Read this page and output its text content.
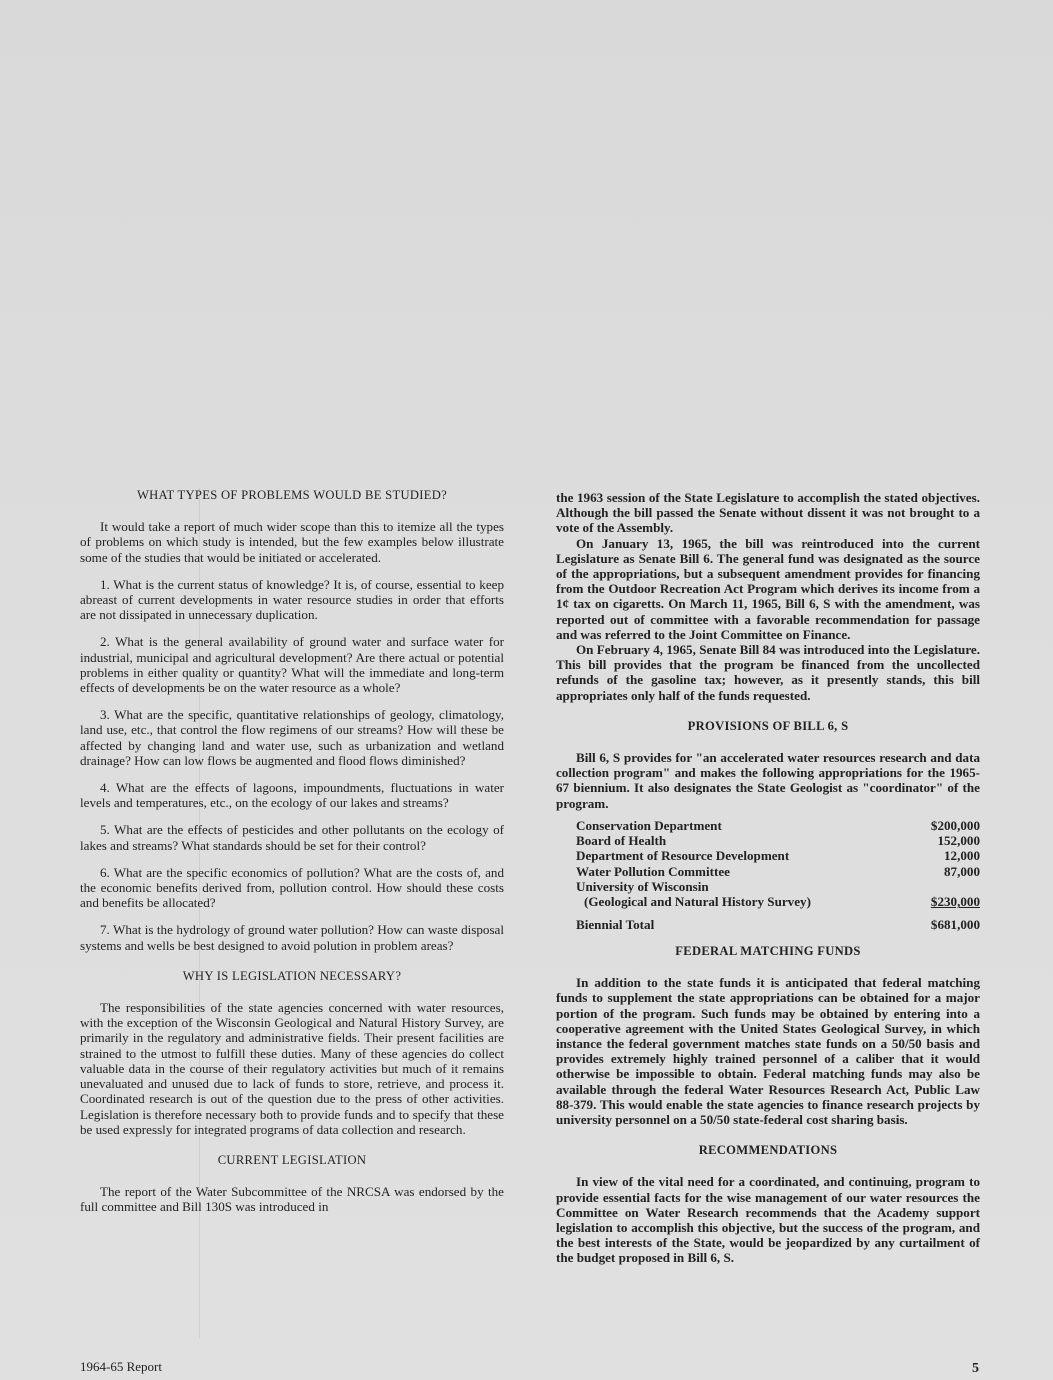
WHAT TYPES OF PROBLEMS WOULD BE STUDIED?

It would take a report of much wider scope than this to itemize all the types of problems on which study is intended, but the few examples below illustrate some of the studies that would be initiated or accelerated.

1. What is the current status of knowledge? It is, of course, essential to keep abreast of current developments in water resource studies in order that efforts are not dissipated in unnecessary duplication.

2. What is the general availability of ground water and surface water for industrial, municipal and agricultural development? Are there actual or potential problems in either quality or quantity? What will the immediate and long-term effects of developments be on the water resource as a whole?

3. What are the specific, quantitative relationships of geology, climatology, land use, etc., that control the flow regimens of our streams? How will these be affected by changing land and water use, such as urbanization and wetland drainage? How can low flows be augmented and flood flows diminished?

4. What are the effects of lagoons, impoundments, fluctuations in water levels and temperatures, etc., on the ecology of our lakes and streams?

5. What are the effects of pesticides and other pollutants on the ecology of lakes and streams? What standards should be set for their control?

6. What are the specific economics of pollution? What are the costs of, and the economic benefits derived from, pollution control. How should these costs and benefits be allocated?

7. What is the hydrology of ground water pollution? How can waste disposal systems and wells be best designed to avoid polution in problem areas?

WHY IS LEGISLATION NECESSARY?

The responsibilities of the state agencies concerned with water resources, with the exception of the Wisconsin Geological and Natural History Survey, are primarily in the regulatory and administrative fields. Their present facilities are strained to the utmost to fulfill these duties. Many of these agencies do collect valuable data in the course of their regulatory activities but much of it remains unevaluated and unused due to lack of funds to store, retrieve, and process it. Coordinated research is out of the question due to the press of other activities. Legislation is therefore necessary both to provide funds and to specify that these be used expressly for integrated programs of data collection and research.

CURRENT LEGISLATION

The report of the Water Subcommittee of the NRCSA was endorsed by the full committee and Bill 130S was introduced in

the 1963 session of the State Legislature to accomplish the stated objectives. Although the bill passed the Senate without dissent it was not brought to a vote of the Assembly.

On January 13, 1965, the bill was reintroduced into the current Legislature as Senate Bill 6. The general fund was designated as the source of the appropriations, but a subsequent amendment provides for financing from the Outdoor Recreation Act Program which derives its income from a 1¢ tax on cigaretts. On March 11, 1965, Bill 6, S with the amendment, was reported out of committee with a favorable recommendation for passage and was referred to the Joint Committee on Finance.

On February 4, 1965, Senate Bill 84 was introduced into the Legislature. This bill provides that the program be financed from the uncollected refunds of the gasoline tax; however, as it presently stands, this bill appropriates only half of the funds requested.

PROVISIONS OF BILL 6, S

Bill 6, S provides for "an accelerated water resources research and data collection program" and makes the following appropriations for the 1965-67 biennium. It also designates the State Geologist as "coordinator" of the program.

Conservation Department	$200,000
Board of Health	152,000
Department of Resource Development	12,000
Water Pollution Committee	87,000
University of Wisconsin
(Geological and Natural History Survey)	$230,000
Biennial Total	$681,000
FEDERAL MATCHING FUNDS

In addition to the state funds it is anticipated that federal matching funds to supplement the state appropriations can be obtained for a major portion of the program. Such funds may be obtained by entering into a cooperative agreement with the United States Geological Survey, in which instance the federal government matches state funds on a 50/50 basis and provides extremely highly trained personnel of a caliber that it would otherwise be impossible to obtain. Federal matching funds may also be available through the federal Water Resources Research Act, Public Law 88-379. This would enable the state agencies to finance research projects by university personnel on a 50/50 state-federal cost sharing basis.

RECOMMENDATIONS

In view of the vital need for a coordinated, and continuing, program to provide essential facts for the wise management of our water resources the Committee on Water Research recommends that the Academy support legislation to accomplish this objective, but the success of the program, and the best interests of the State, would be jeopardized by any curtailment of the budget proposed in Bill 6, S.

1964-65 Report	5
